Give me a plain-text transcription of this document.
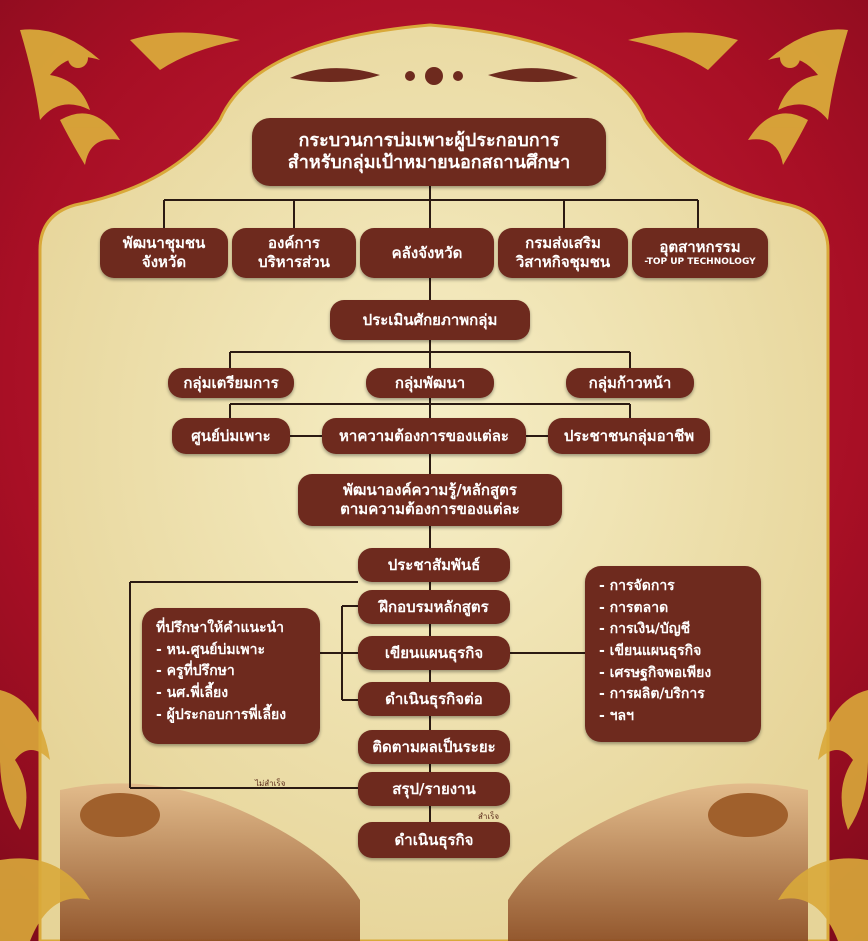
กระบวนการบ่มเพาะผู้ประกอบการ
สำหรับกลุ่มเป้าหมายนอกสถานศึกษา
พัฒนาชุมชน
จังหวัด
องค์การ
บริหารส่วน
คลังจังหวัด
กรมส่งเสริม
วิสาหกิจชุมชน
อุตสาหกรรม
-TOP UP TECHNOLOGY
ประเมินศักยภาพกลุ่ม
กลุ่มเตรียมการ	กลุ่มพัฒนา	กลุ่มก้าวหน้า
ศูนย์บ่มเพาะ	หาความต้องการของแต่ละ	ประชาชนกลุ่มอาชีพ
พัฒนาองค์ความรู้/หลักสูตร
ตามความต้องการของแต่ละ
ประชาสัมพันธ์
ฝึกอบรมหลักสูตร
เขียนแผนธุรกิจ
ดำเนินธุรกิจต่อ
ติดตามผลเป็นระยะ
สรุป/รายงาน
ดำเนินธุรกิจ
ที่ปรึกษาให้คำแนะนำ
- หน.ศูนย์บ่มเพาะ
- ครูที่ปรึกษา
- นศ.พี่เลี้ยง
- ผู้ประกอบการพี่เลี้ยง
- การจัดการ
- การตลาด
- การเงิน/บัญชี
- เขียนแผนธุรกิจ
- เศรษฐกิจพอเพียง
- การผลิต/บริการ
- ฯลฯ
ไม่สำเร็จ
สำเร็จ
